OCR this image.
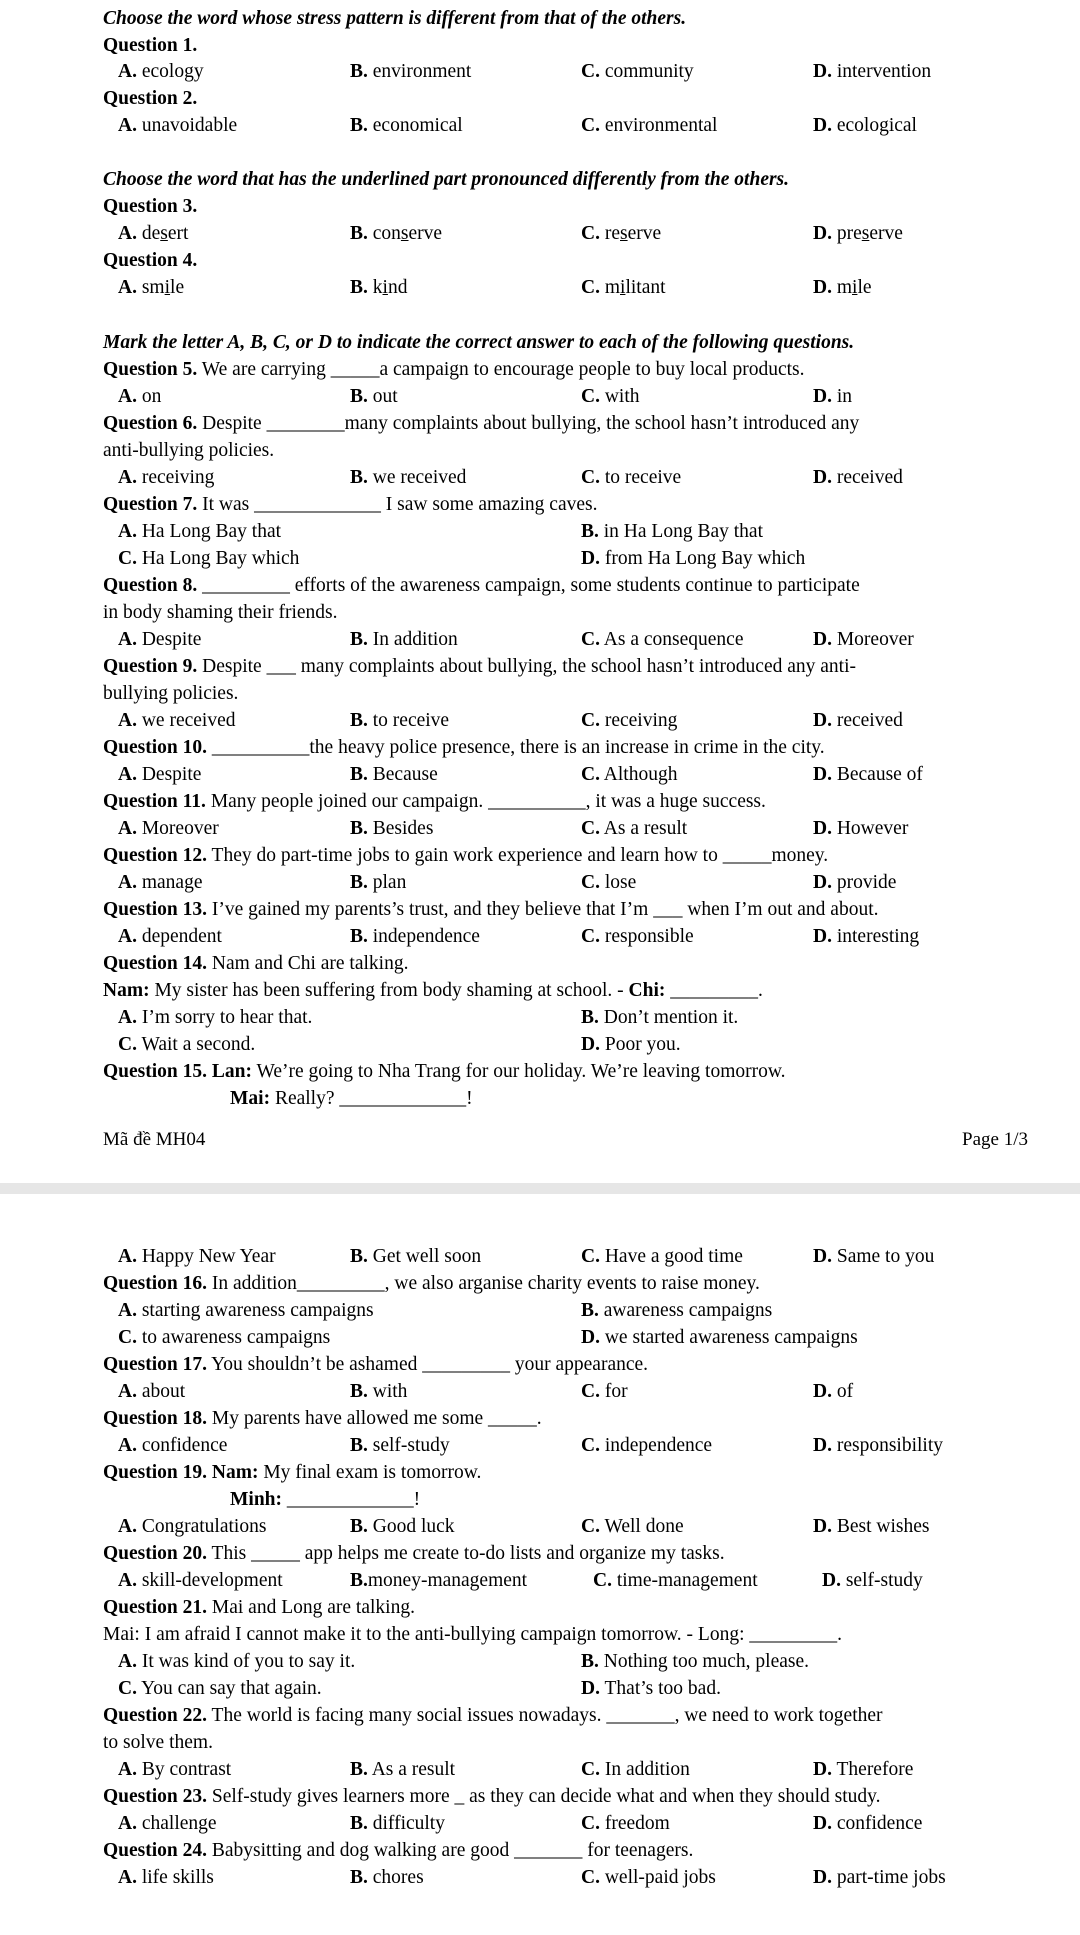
Choose the word whose stress pattern is different from that of the others.
Question 1.
A. ecology	B. environment	C. community	D. intervention
Question 2.
A. unavoidable	B. economical	C. environmental	D. ecological
Choose the word that has the underlined part pronounced differently from the others.
Question 3.
A. desert	B. conserve	C. reserve	D. preserve
Question 4.
A. smile	B. kind	C. militant	D. mile
Mark the letter A, B, C, or D to indicate the correct answer to each of the following questions.
Question 5. We are carrying _____a campaign to encourage people to buy local products.
A. on	B. out	C. with	D. in
Question 6. Despite ________many complaints about bullying, the school hasn’t introduced any
anti-bullying policies.
A. receiving	B. we received	C. to receive	D. received
Question 7. It was _____________ I saw some amazing caves.
A. Ha Long Bay that	B. in Ha Long Bay that
C. Ha Long Bay which	D. from Ha Long Bay which
Question 8. _________ efforts of the awareness campaign, some students continue to participate
in body shaming their friends.
A. Despite	B. In addition	C. As a consequence	D. Moreover
Question 9. Despite ___ many complaints about bullying, the school hasn’t introduced any anti-
bullying policies.
A. we received	B. to receive	C. receiving	D. received
Question 10. __________the heavy police presence, there is an increase in crime in the city.
A. Despite	B. Because	C. Although	D. Because of
Question 11. Many people joined our campaign. __________, it was a huge success.
A. Moreover	B. Besides	C. As a result	D. However
Question 12. They do part-time jobs to gain work experience and learn how to _____money.
A. manage	B. plan	C. lose	D. provide
Question 13. I’ve gained my parents’s trust, and they believe that I’m ___ when I’m out and about.
A. dependent	B. independence	C. responsible	D. interesting
Question 14. Nam and Chi are talking.
Nam: My sister has been suffering from body shaming at school. - Chi: _________.
A. I’m sorry to hear that.	B. Don’t mention it.
C. Wait a second.	D. Poor you.
Question 15. Lan: We’re going to Nha Trang for our holiday. We’re leaving tomorrow.
Mai: Really? _____________!
Mã đề MH04	Page 1/3
A. Happy New Year	B. Get well soon	C. Have a good time	D. Same to you
Question 16. In addition_________, we also arganise charity events to raise money.
A. starting awareness campaigns	B. awareness campaigns
C. to awareness campaigns	D. we started awareness campaigns
Question 17. You shouldn’t be ashamed _________ your appearance.
A. about	B. with	C. for	D. of
Question 18. My parents have allowed me some _____.
A. confidence	B. self-study	C. independence	D. responsibility
Question 19. Nam: My final exam is tomorrow.
Minh: _____________!
A. Congratulations	B. Good luck	C. Well done	D. Best wishes
Question 20. This _____ app helps me create to-do lists and organize my tasks.
A. skill-development	B.money-management	C. time-management	D. self-study
Question 21. Mai and Long are talking.
Mai: I am afraid I cannot make it to the anti-bullying campaign tomorrow. - Long: _________.
A. It was kind of you to say it.	B. Nothing too much, please.
C. You can say that again.	D. That’s too bad.
Question 22. The world is facing many social issues nowadays. _______, we need to work together
to solve them.
A. By contrast	B. As a result	C. In addition	D. Therefore
Question 23. Self-study gives learners more _ as they can decide what and when they should study.
A. challenge	B. difficulty	C. freedom	D. confidence
Question 24. Babysitting and dog walking are good _______ for teenagers.
A. life skills	B. chores	C. well-paid jobs	D. part-time jobs
